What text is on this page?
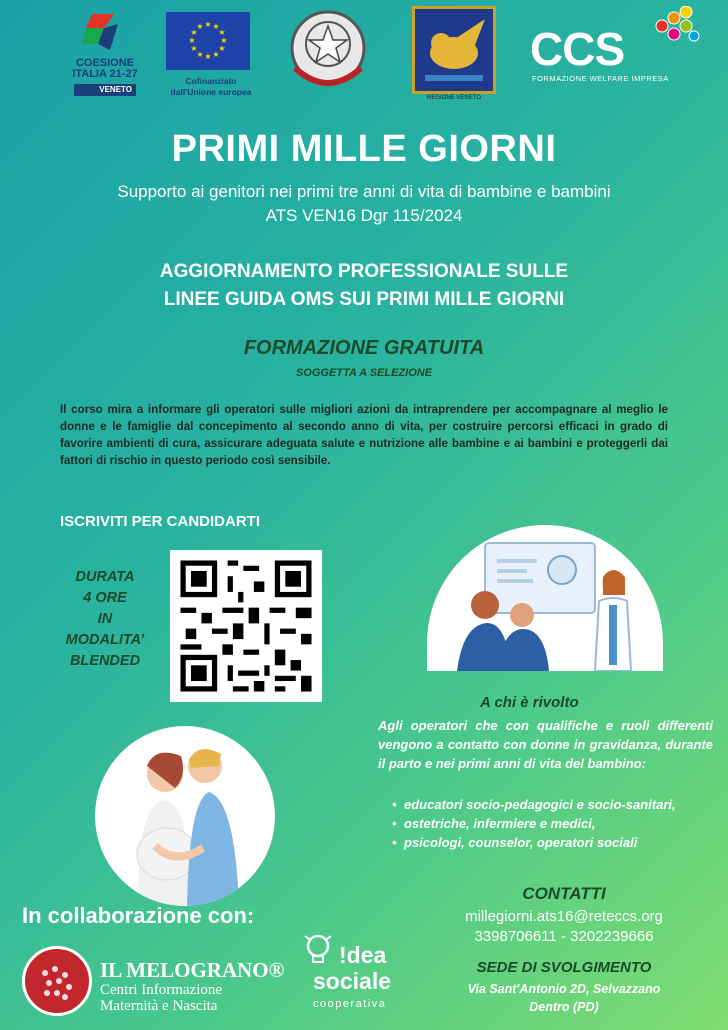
COESIONE
ITALIA 21-27
VENETO
★ ★
★
★
★
★
★
★
★
★
★
★
Cofinanziato dall'Unione europea
REGIONE VENETO
CCS
FORMAZIONE WELFARE IMPRESA
PRIMI MILLE GIORNI
Supporto ai genitori nei primi tre anni di vita di bambine e bambini
ATS VEN16 Dgr 115/2024
AGGIORNAMENTO PROFESSIONALE SULLE
LINEE GUIDA OMS SUI PRIMI MILLE GIORNI
FORMAZIONE GRATUITA
SOGGETTA A SELEZIONE
Il corso mira a informare gli operatori sulle migliori azioni da intraprendere per accompagnare al meglio le donne e le famiglie dal concepimento al secondo anno di vita, per costruire percorsi efficaci in grado di favorire ambienti di cura, assicurare adeguata salute e nutrizione alle bambine e ai bambini e proteggerli dai fattori di rischio in questo periodo così sensibile.
ISCRIVITI PER CANDIDARTI
DURATA
4 ORE
IN
MODALITA’
BLENDED
A chi è rivolto
Agli operatori che con qualifiche e ruoli differenti vengono a contatto con donne in gravidanza, durante il parto e nei primi anni di vita del bambino:
• educatori socio-pedagogici e socio-sanitari,
• ostetriche, infermiere e medici,
• psicologi, counselor, operatori sociali
In collaborazione con:
IL MELOGRANO®
Centri Informazione
Maternità e Nascita
!dea
sociale
cooperativa
CONTATTI
millegiorni.ats16@reteccs.org
3398706611 - 3202239666
SEDE DI SVOLGIMENTO
Via Sant'Antonio 2D, Selvazzano
Dentro (PD)
